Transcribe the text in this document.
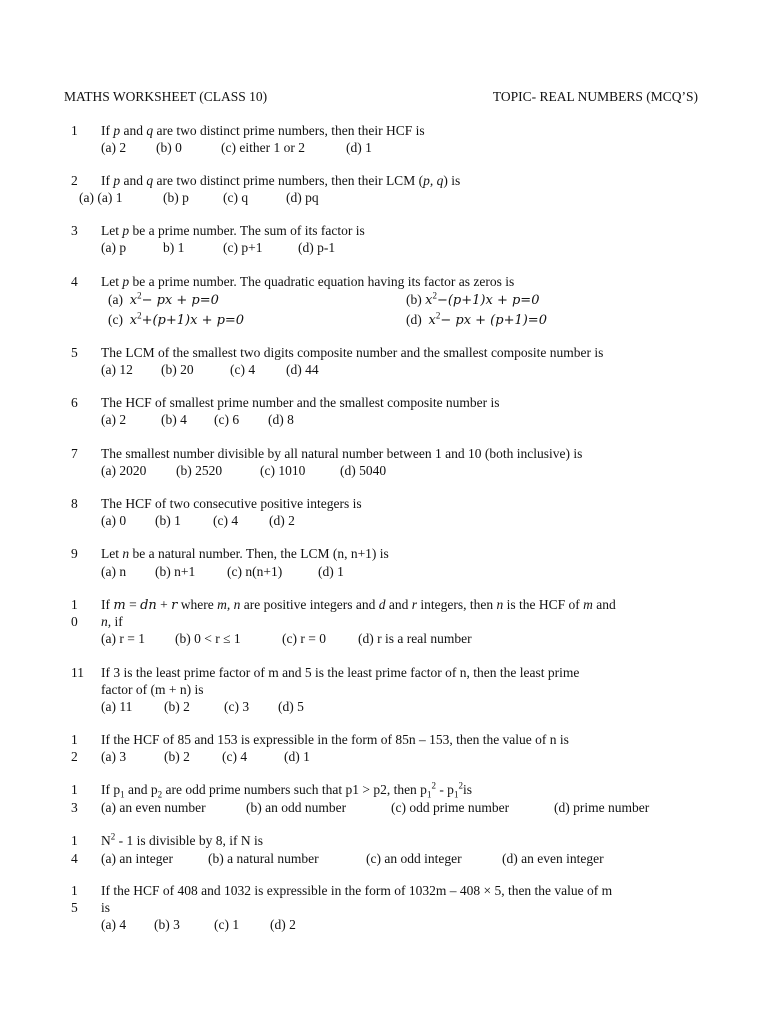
MATHS WORKSHEET (CLASS 10)	TOPIC- REAL NUMBERS (MCQ’S)
1 If p and q are two distinct prime numbers, then their HCF is
(a) 2 (b) 0	(c) either 1 or 2	(d) 1
2 If p and q are two distinct prime numbers, then their LCM (p, q) is
(a) (a) 1	(b) p	(c) q	(d) pq
3 Let p be a prime number. The sum of its factor is
(a) p	b) 1	(c) p+1	(d) p-1
4 Let p be a prime number. The quadratic equation having its factor as zeros is
(a) $x^2-$ px + p=0	(b) $x^2-(p+1)x + p=0$
(c) $x^2+(p+1)x + p=0$	(d) $x^2-$ px + (p+1)=0
5 The LCM of the smallest two digits composite number and the smallest composite number is
(a) 12 (b) 20	(c) 4 (d) 44
6 The HCF of smallest prime number and the smallest composite number is
(a) 2	(b) 4 (c) 6 (d) 8
7 The smallest number divisible by all natural number between 1 and 10 (both inclusive) is
(a) 2020 (b) 2520	(c) 1010	(d) 5040
8 The HCF of two consecutive positive integers is
(a) 0 (b) 1 (c) 4 (d) 2
9 Let n be a natural number. Then, the LCM (n, n+1) is
(a) n (b) n+1 (c) n(n+1)	(d) 1
1
0
If m = dn + r where m, n are positive integers and d and r integers, then n is the HCF of m and
n, if
(a) r = 1 (b) 0 < r ≤ 1	(c) r = 0 (d) r is a real number
11 If 3 is the least prime factor of m and 5 is the least prime factor of n, then the least prime
factor of (m + n) is
(a) 11 (b) 2	(c) 3 (d) 5
1
2
If the HCF of 85 and 153 is expressible in the form of 85n – 153, then the value of n is
(a) 3	(b) 2 (c) 4	(d) 1
1
3
If $p_1$ and $p_2$ are odd prime numbers such that p1 > p2, then $p_1^2 - p_1^2is$
(a) an even number	(b) an odd number	(c) odd prime number	(d) prime number
1
4
$N^2 - 1$ is divisible by 8, if N is
(a) an integer	(b) a natural number	(c) an odd integer	(d) an even integer
1
5
If the HCF of 408 and 1032 is expressible in the form of 1032m – 408 × 5, then the value of m
is
(a) 4 (b) 3	(c) 1 (d) 2
